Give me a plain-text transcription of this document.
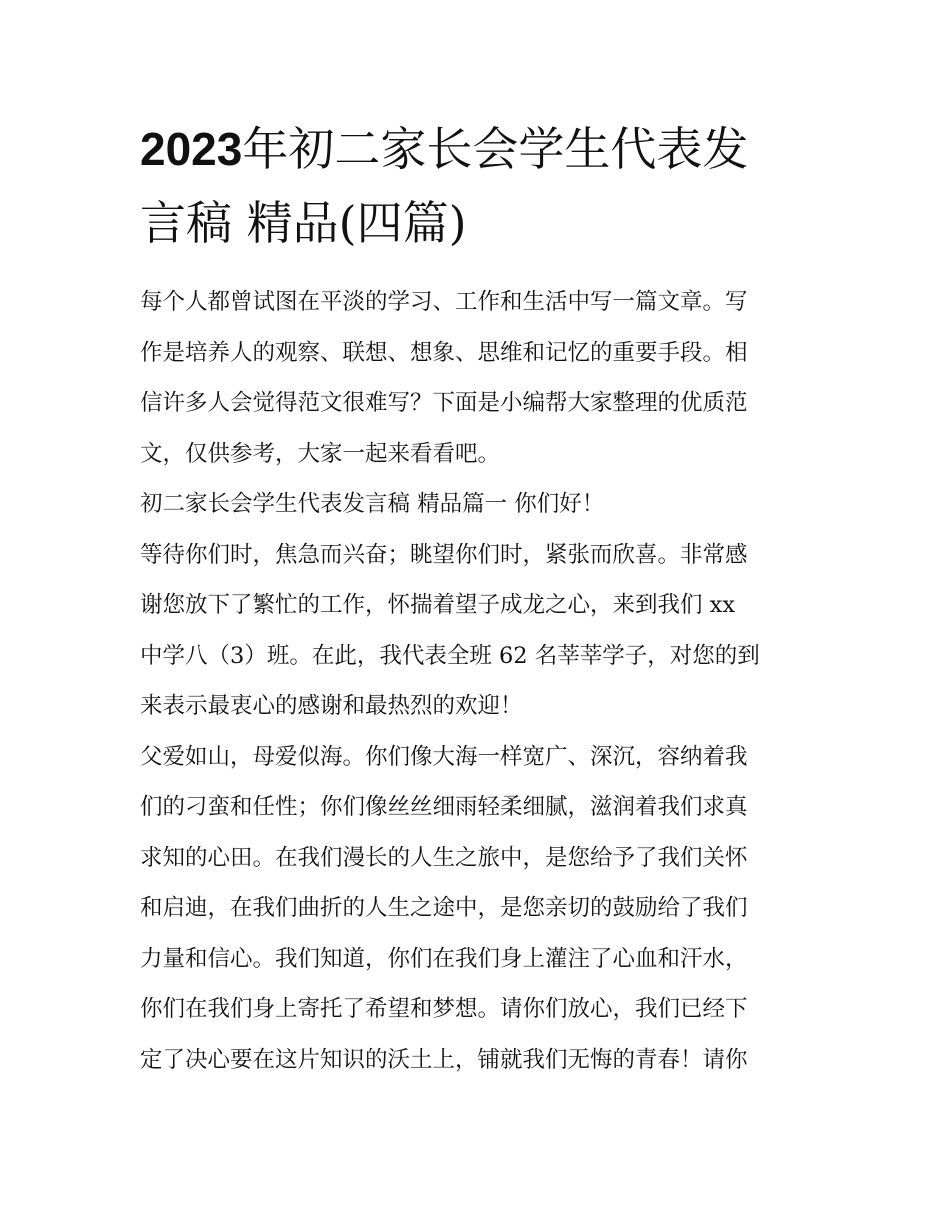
2023年初二家长会学生代表发
言稿 精品(四篇)
每个人都曾试图在平淡的学习、工作和生活中写一篇文章。写
作是培养人的观察、联想、想象、思维和记忆的重要手段。相
信许多人会觉得范文很难写？下面是小编帮大家整理的优质范
文，仅供参考，大家一起来看看吧。
初二家长会学生代表发言稿 精品篇一 你们好！
等待你们时，焦急而兴奋；眺望你们时，紧张而欣喜。非常感
谢您放下了繁忙的工作，怀揣着望子成龙之心，来到我们 xx
中学八（3）班。在此，我代表全班 62 名莘莘学子，对您的到
来表示最衷心的感谢和最热烈的欢迎！
父爱如山，母爱似海。你们像大海一样宽广、深沉，容纳着我
们的刁蛮和任性；你们像丝丝细雨轻柔细腻，滋润着我们求真
求知的心田。在我们漫长的人生之旅中，是您给予了我们关怀
和启迪，在我们曲折的人生之途中，是您亲切的鼓励给了我们
力量和信心。我们知道，你们在我们身上灌注了心血和汗水，
你们在我们身上寄托了希望和梦想。请你们放心，我们已经下
定了决心要在这片知识的沃土上，铺就我们无悔的青春！请你
